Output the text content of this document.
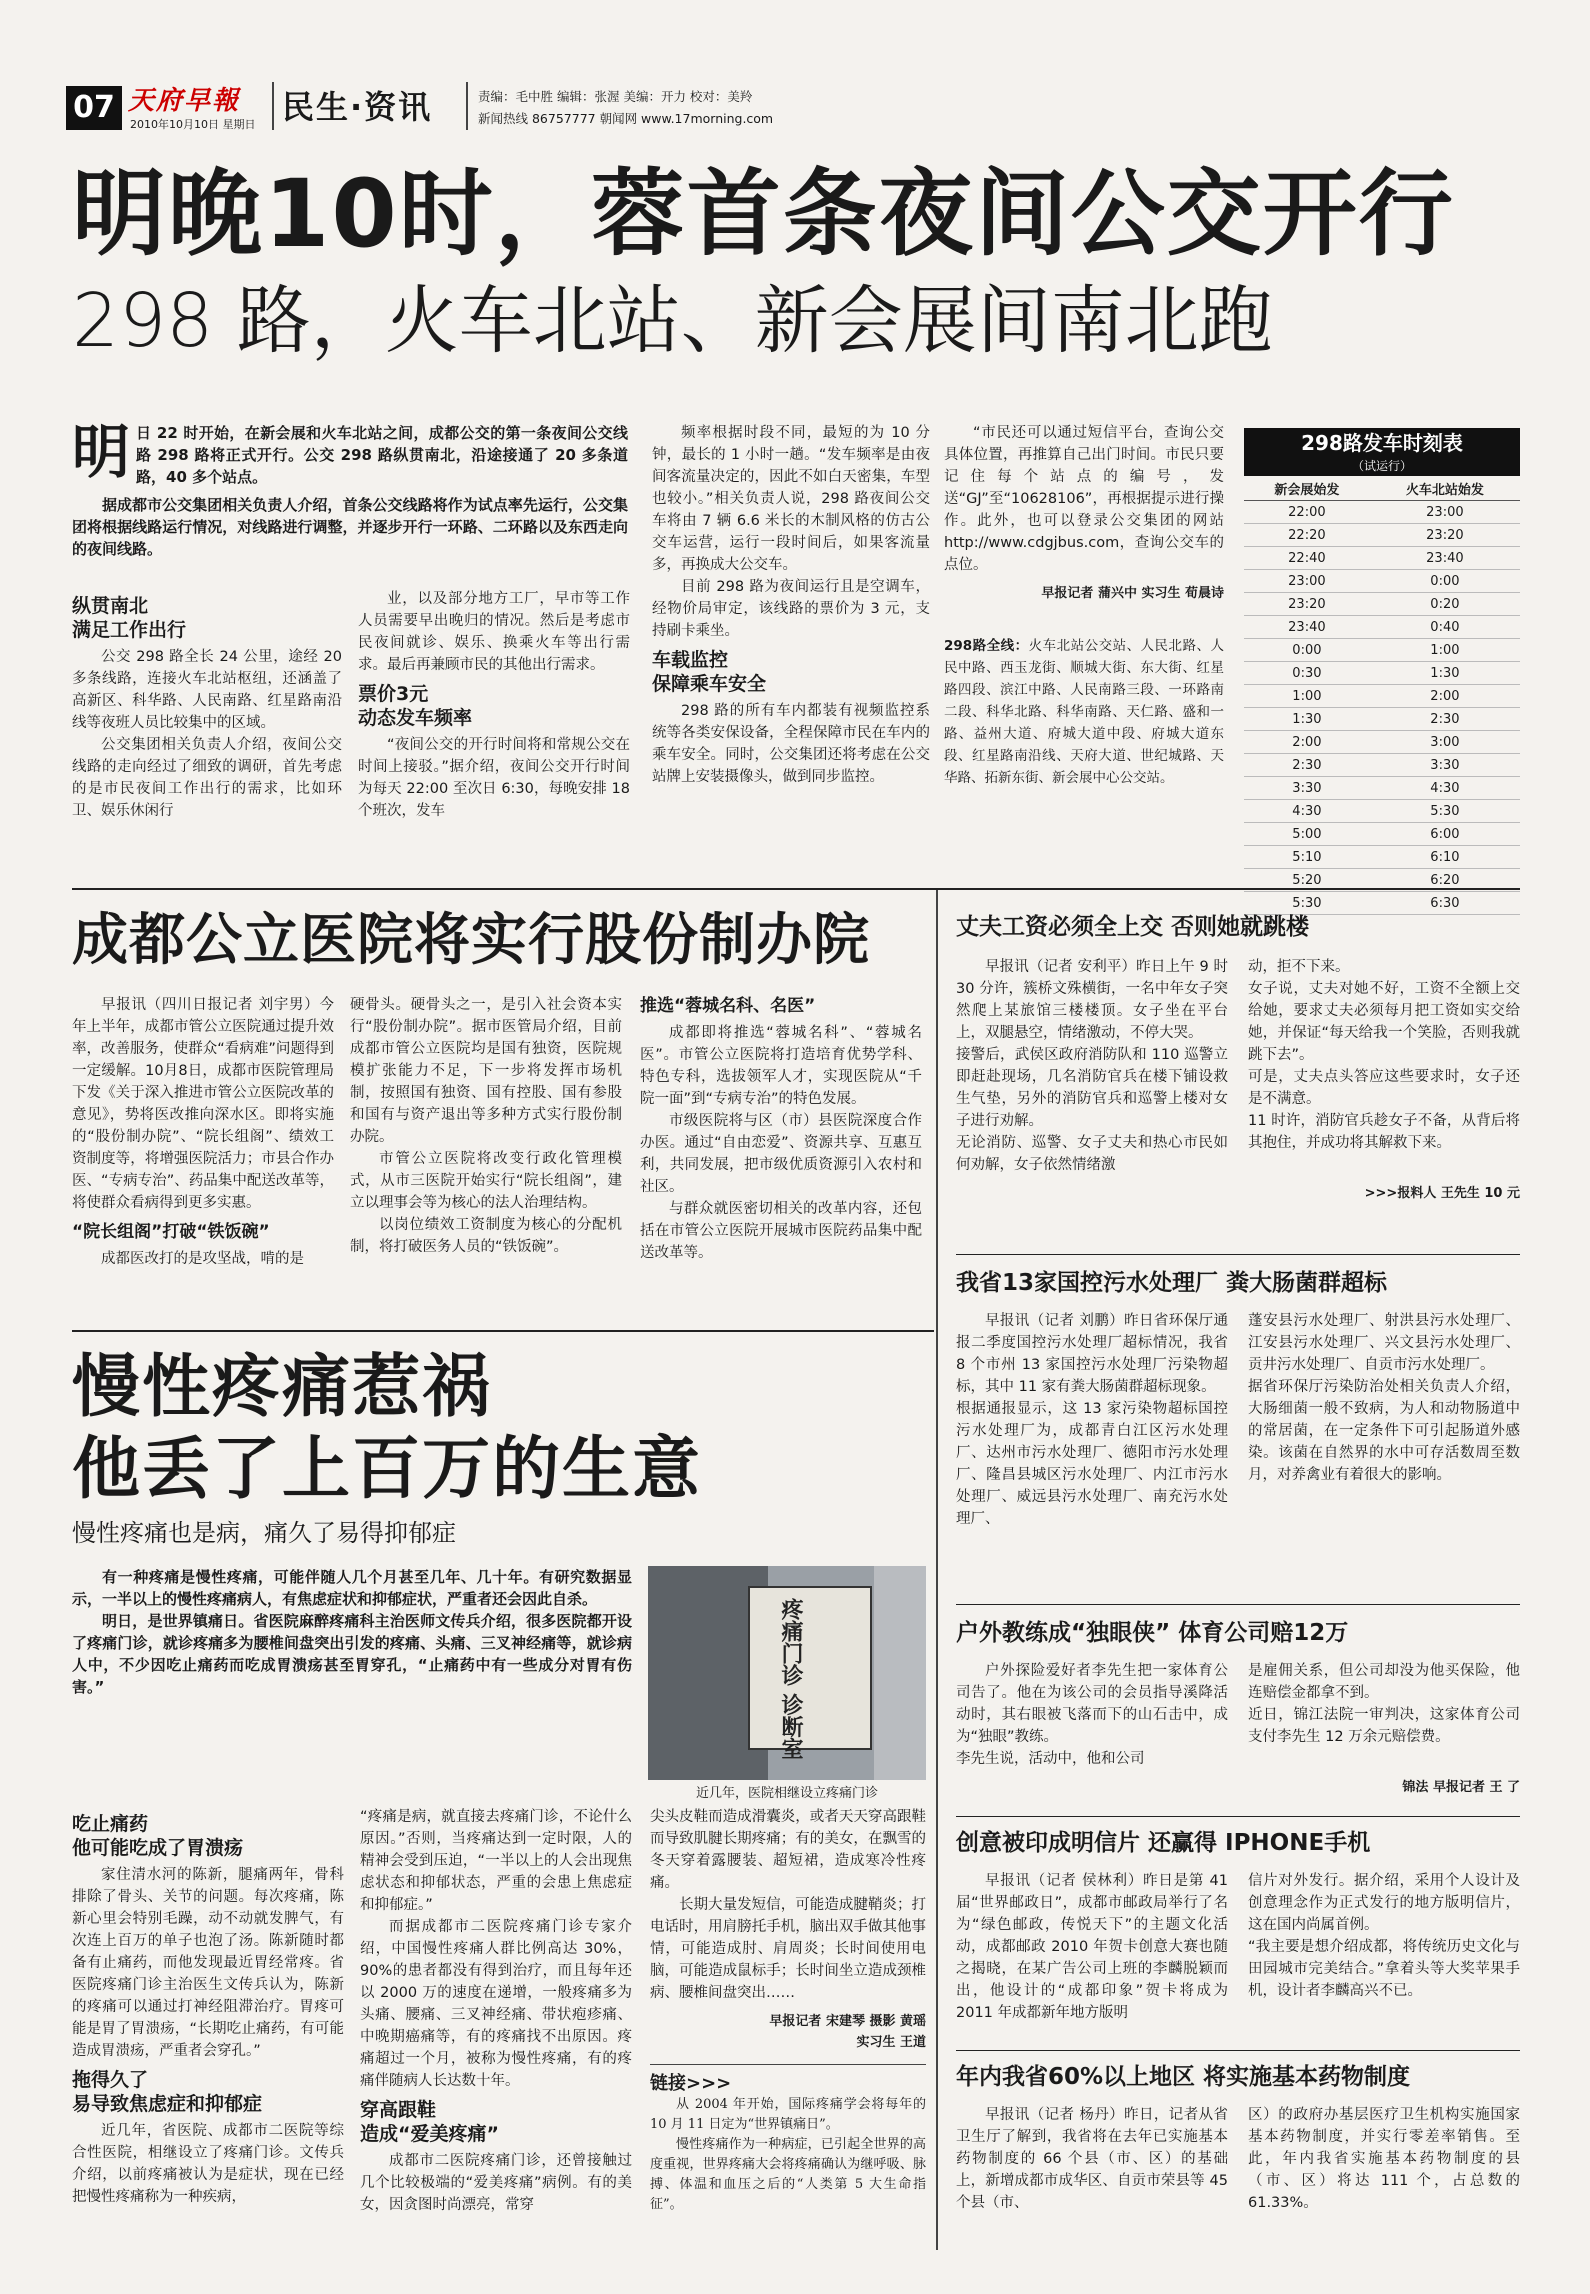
07 天府早報
2010年10月10日 星期日 民生·资讯	责编：毛中胜 编辑：张渥 美编：开力 校对：美羚
新闻热线 86757777 朝闻网 www.17morning.com
明晚10时，蓉首条夜间公交开行
298 路，火车北站、新会展间南北跑
明 日 22 时开始，在新会展和火车北站之间，成都公交的第一条夜间公交线路 298 路将正式开行。公交 298 路纵贯南北，沿途接通了 20 多条道路，40 多个站点。

据成都市公交集团相关负责人介绍，首条公交线路将作为试点率先运行，公交集团将根据线路运行情况，对线路进行调整，并逐步开行一环路、二环路以及东西走向的夜间线路。

纵贯南北
满足工作出行

公交 298 路全长 24 公里，途经 20 多条线路，连接火车北站枢纽，还涵盖了高新区、科华路、人民南路、红星路南沿线等夜班人员比较集中的区域。

公交集团相关负责人介绍，夜间公交线路的走向经过了细致的调研，首先考虑的是市民夜间工作出行的需求，比如环卫、娱乐休闲行

业，以及部分地方工厂，早市等工作人员需要早出晚归的情况。然后是考虑市民夜间就诊、娱乐、换乘火车等出行需求。最后再兼顾市民的其他出行需求。

票价3元
动态发车频率

“夜间公交的开行时间将和常规公交在时间上接驳。”据介绍，夜间公交开行时间为每天 22:00 至次日 6:30，每晚安排 18 个班次，发车

频率根据时段不同，最短的为 10 分钟，最长的 1 小时一趟。“发车频率是由夜间客流量决定的，因此不如白天密集，车型也较小。”相关负责人说，298 路夜间公交车将由 7 辆 6.6 米长的木制风格的仿古公交车运营，运行一段时间后，如果客流量多，再换成大公交车。

目前 298 路为夜间运行且是空调车，经物价局审定，该线路的票价为 3 元，支持刷卡乘坐。

车载监控
保障乘车安全

298 路的所有车内都装有视频监控系统等各类安保设备，全程保障市民在车内的乘车安全。同时，公交集团还将考虑在公交站牌上安装摄像头，做到同步监控。

“市民还可以通过短信平台，查询公交具体位置，再推算自己出门时间。市民只要记住每个站点的编号，发送“GJ”至“10628106”，再根据提示进行操作。此外，也可以登录公交集团的网站 http://www.cdgjbus.com，查询公交车的点位。

早报记者 蒲兴中 实习生 荀晨诗
298路全线：火车北站公交站、人民北路、人民中路、西玉龙街、顺城大街、东大街、红星路四段、滨江中路、人民南路三段、一环路南二段、科华北路、科华南路、天仁路、盛和一路、益州大道、府城大道中段、府城大道东段、红星路南沿线、天府大道、世纪城路、天华路、拓新东街、新会展中心公交站。
298路发车时刻表
（试运行）
新会展始发	火车北站始发
22:00	23:00
22:20	23:20
22:40	23:40
23:00	0:00
23:20	0:20
23:40	0:40
0:00	1:00
0:30	1:30
1:00	2:00
1:30	2:30
2:00	3:00
2:30	3:30
3:30	4:30
4:30	5:30
5:00	6:00
5:10	6:10
5:20	6:20
5:30	6:30
成都公立医院将实行股份制办院

早报讯（四川日报记者 刘宇男）今年上半年，成都市管公立医院通过提升效率，改善服务，使群众“看病难”问题得到一定缓解。10月8日，成都市医院管理局下发《关于深入推进市管公立医院改革的意见》，势将医改推向深水区。即将实施的“股份制办院”、“院长组阁”、绩效工资制度等，将增强医院活力；市县合作办医、“专病专治”、药品集中配送改革等，将使群众看病得到更多实惠。

“院长组阁”打破“铁饭碗”

成都医改打的是攻坚战，啃的是

硬骨头。硬骨头之一，是引入社会资本实行“股份制办院”。据市医管局介绍，目前成都市管公立医院均是国有独资，医院规模扩张能力不足，下一步将发挥市场机制，按照国有独资、国有控股、国有参股和国有与资产退出等多种方式实行股份制办院。

市管公立医院将改变行政化管理模式，从市三医院开始实行“院长组阁”，建立以理事会等为核心的法人治理结构。

以岗位绩效工资制度为核心的分配机制，将打破医务人员的“铁饭碗”。

推选“蓉城名科、名医”

成都即将推选“蓉城名科”、“蓉城名医”。市管公立医院将打造培育优势学科、特色专科，选拔领军人才，实现医院从“千院一面”到“专病专治”的特色发展。

市级医院将与区（市）县医院深度合作办医。通过“自由恋爱”、资源共享、互惠互利，共同发展，把市级优质资源引入农村和社区。

与群众就医密切相关的改革内容，还包括在市管公立医院开展城市医院药品集中配送改革等。

慢性疼痛惹祸
他丢了上百万的生意
慢性疼痛也是病，痛久了易得抑郁症

有一种疼痛是慢性疼痛，可能伴随人几个月甚至几年、几十年。有研究数据显示，一半以上的慢性疼痛病人，有焦虑症状和抑郁症状，严重者还会因此自杀。

明日，是世界镇痛日。省医院麻醉疼痛科主治医师文传兵介绍，很多医院都开设了疼痛门诊，就诊疼痛多为腰椎间盘突出引发的疼痛、头痛、三叉神经痛等，就诊病人中，不少因吃止痛药而吃成胃溃疡甚至胃穿孔，“止痛药中有一些成分对胃有伤害。”	疼痛门诊 诊断室
近几年，医院相继设立疼痛门诊
吃止痛药
他可能吃成了胃溃疡

家住清水河的陈新，腿痛两年，骨科排除了骨头、关节的问题。每次疼痛，陈新心里会特别毛躁，动不动就发脾气，有次连上百万的单子也泡了汤。陈新随时都备有止痛药，而他发现最近胃经常疼。省医院疼痛门诊主治医生文传兵认为，陈新的疼痛可以通过打神经阻滞治疗。胃疼可能是胃了胃溃疡，“长期吃止痛药，有可能造成胃溃疡，严重者会穿孔。”

拖得久了
易导致焦虑症和抑郁症

近几年，省医院、成都市二医院等综合性医院，相继设立了疼痛门诊。文传兵介绍，以前疼痛被认为是症状，现在已经把慢性疼痛称为一种疾病，

“疼痛是病，就直接去疼痛门诊，不论什么原因。”否则，当疼痛达到一定时限，人的精神会受到压迫，“一半以上的人会出现焦虑状态和抑郁状态，严重的会患上焦虑症和抑郁症。”

而据成都市二医院疼痛门诊专家介绍，中国慢性疼痛人群比例高达 30%，90%的患者都没有得到治疗，而且每年还以 2000 万的速度在递增，一般疼痛多为头痛、腰痛、三叉神经痛、带状疱疹痛、中晚期癌痛等，有的疼痛找不出原因。疼痛超过一个月，被称为慢性疼痛，有的疼痛伴随病人长达数十年。

穿高跟鞋
造成“爱美疼痛”

成都市二医院疼痛门诊，还曾接触过几个比较极端的“爱美疼痛”病例。有的美女，因贪图时尚漂亮，常穿

尖头皮鞋而造成滑囊炎，或者天天穿高跟鞋而导致肌腱长期疼痛；有的美女，在飘雪的冬天穿着露腰装、超短裙，造成寒冷性疼痛。

长期大量发短信，可能造成腱鞘炎；打电话时，用肩膀托手机，脑出双手做其他事情，可能造成肘、肩周炎；长时间使用电脑，可能造成鼠标手；长时间坐立造成颈椎病、腰椎间盘突出……

早报记者 宋建琴 摄影 黄瑶
实习生 王道
链接>>>

从 2004 年开始，国际疼痛学会将每年的 10 月 11 日定为“世界镇痛日”。

慢性疼痛作为一种病症，已引起全世界的高度重视，世界疼痛大会将疼痛确认为继呼吸、脉搏、体温和血压之后的“人类第 5 大生命指征”。

丈夫工资必须全上交 否则她就跳楼

早报讯（记者 安利平）昨日上午 9 时 30 分许，簇桥文殊横街，一名中年女子突然爬上某旅馆三楼楼顶。女子坐在平台上，双腿悬空，情绪激动，不停大哭。
接警后，武侯区政府消防队和 110 巡警立即赶赴现场，几名消防官兵在楼下铺设救生气垫，另外的消防官兵和巡警上楼对女子进行劝解。
无论消防、巡警、女子丈夫和热心市民如何劝解，女子依然情绪激

动，拒不下来。
女子说，丈夫对她不好，工资不全额上交给她，要求丈夫必须每月把工资如实交给她，并保证“每天给我一个笑脸，否则我就跳下去”。
可是，丈夫点头答应这些要求时，女子还是不满意。
11 时许，消防官兵趁女子不备，从背后将其抱住，并成功将其解救下来。

>>>报料人 王先生 10 元
我省13家国控污水处理厂 粪大肠菌群超标

早报讯（记者 刘鹏）昨日省环保厅通报二季度国控污水处理厂超标情况，我省 8 个市州 13 家国控污水处理厂污染物超标，其中 11 家有粪大肠菌群超标现象。
根据通报显示，这 13 家污染物超标国控污水处理厂为，成都青白江区污水处理厂、达州市污水处理厂、德阳市污水处理厂、隆昌县城区污水处理厂、内江市污水处理厂、威远县污水处理厂、南充污水处理厂、

蓬安县污水处理厂、射洪县污水处理厂、江安县污水处理厂、兴文县污水处理厂、贡井污水处理厂、自贡市污水处理厂。
据省环保厅污染防治处相关负责人介绍，大肠细菌一般不致病，为人和动物肠道中的常居菌，在一定条件下可引起肠道外感染。该菌在自然界的水中可存活数周至数月，对养禽业有着很大的影响。

户外教练成“独眼侠” 体育公司赔12万

户外探险爱好者李先生把一家体育公司告了。他在为该公司的会员指导溪降活动时，其右眼被飞落而下的山石击中，成为“独眼”教练。
李先生说，活动中，他和公司

是雇佣关系，但公司却没为他买保险，他连赔偿金都拿不到。
近日，锦江法院一审判决，这家体育公司支付李先生 12 万余元赔偿费。

锦法 早报记者 王 了
创意被印成明信片 还赢得 IPHONE手机

早报讯（记者 侯林利）昨日是第 41 届“世界邮政日”，成都市邮政局举行了名为“绿色邮政，传悦天下”的主题文化活动，成都邮政 2010 年贺卡创意大赛也随之揭晓，在某广告公司上班的李麟脱颖而出，他设计的“成都印象”贺卡将成为 2011 年成都新年地方版明

信片对外发行。据介绍，采用个人设计及创意理念作为正式发行的地方版明信片，这在国内尚属首例。
“我主要是想介绍成都，将传统历史文化与田园城市完美结合。”拿着头等大奖苹果手机，设计者李麟高兴不已。

年内我省60%以上地区 将实施基本药物制度

早报讯（记者 杨丹）昨日，记者从省卫生厅了解到，我省将在去年已实施基本药物制度的 66 个县（市、区）的基础上，新增成都市成华区、自贡市荣县等 45 个县（市、

区）的政府办基层医疗卫生机构实施国家基本药物制度，并实行零差率销售。至此，年内我省实施基本药物制度的县（市、区）将达 111 个，占总数的 61.33%。
